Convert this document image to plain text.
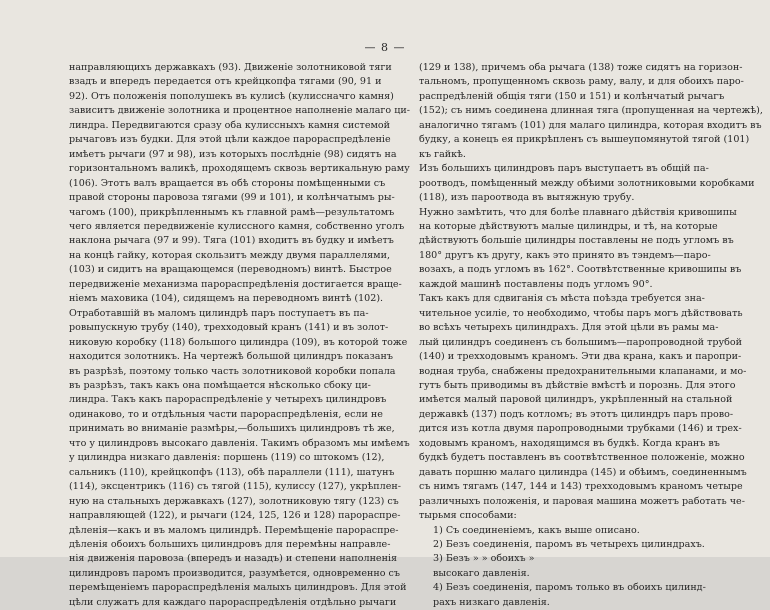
— 8 —
направляющихъ державкахъ (93). Движеніе золотниковой тяги
взадъ и впередъ передается отъ крейцкопфа тягами (90, 91 и
92). Отъ положенія пополушекъ въ кулисѣ (кулиссначго камня)
зависитъ движеніе золотника и процентное наполненіе малаго ци-
линдра. Передвигаются сразу оба кулиссныхъ камня системой
рычаговъ изъ будки. Для этой цѣли каждое парораспредѣленіе
имѣетъ рычаги (97 и 98), изъ которыхъ послѣдніе (98) сидятъ на
горизонтальномъ валикѣ, проходящемъ сквозь вертикальную раму
(106). Этотъ валъ вращается въ обѣ стороны помѣщенными съ
правой стороны паровоза тягами (99 и 101), и колѣнчатымъ ры-
чагомъ (100), прикрѣпленнымъ къ главной рамѣ—результатомъ
чего является передвиженіе кулиссного камня, собственно уголъ
наклона рычага (97 и 99). Тяга (101) входитъ въ будку и имѣетъ
на концѣ гайку, которая скользитъ между двумя параллелями,
(103) и сидитъ на вращающемся (переводномъ) винтѣ. Быстрое
передвиженіе механизма парораспредѣленія достигается враще-
ніемъ маховика (104), сидящемъ на переводномъ винтѣ (102).
Отработавшій въ маломъ цилиндрѣ паръ поступаетъ въ па-
ровыпускную трубу (140), трехходовый кранъ (141) и въ золот-
никовую коробку (118) большого цилиндра (109), въ которой тоже
находится золотникъ. На чертежѣ большой цилиндръ показанъ
въ разрѣзѣ, поэтому только часть золотниковой коробки попала
въ разрѣзъ, такъ какъ она помѣщается нѣсколько сбоку ци-
линдра. Такъ какъ парораспредѣленіе у четырехъ цилиндровъ
одинаково, то и отдѣльныя части парораспредѣленія, если не
принимать во вниманіе размѣры,—большихъ цилиндровъ тѣ же,
что у цилиндровъ высокаго давленія. Такимъ образомъ мы имѣемъ
у цилиндра низкаго давленія: поршень (119) со штокомъ (12),
сальникъ (110), крейцкопфъ (113), обѣ параллели (111), шатунъ
(114), эксцентрикъ (116) съ тягой (115), кулиссу (127), укрѣплен-
ную на стальныхъ державкахъ (127), золотниковую тягу (123) съ
направляющей (122), и рычаги (124, 125, 126 и 128) парораспре-
дѣленія—какъ и въ маломъ цилиндрѣ. Перемѣщеніе парораспре-
дѣленія обоихъ большихъ цилиндровъ для перемѣны направле-
нія движенія паровоза (впередъ и назадъ) и степени наполненія
цилиндровъ паромъ производится, разумѣется, одновременно съ
перемѣщеніемъ парораспредѣленія малыхъ цилиндровъ. Для этой
цѣли служатъ для каждаго парораспредѣленія отдѣльно рычаги
(129 и 138), причемъ оба рычага (138) тоже сидятъ на горизон-
тальномъ, пропущенномъ сквозь раму, валу, и для обоихъ паро-
распредѣленій общія тяги (150 и 151) и колѣнчатый рычагъ
(152); съ нимъ соединена длинная тяга (пропущенная на чертежѣ),
аналогично тягамъ (101) для малаго цилиндра, которая входитъ въ
будку, а конецъ ея прикрѣпленъ съ вышеупомянутой тягой (101)
къ гайкѣ.
Изъ большихъ цилиндровъ паръ выступаетъ въ общій па-
роотводъ, помѣщенный между обѣими золотниковыми коробками
(118), изъ пароотвода въ вытяжную трубу.
Нужно замѣтить, что для болѣе плавнаго дѣйствія кривошипы
на которые дѣйствуютъ малые цилиндры, и тѣ, на которые
дѣйствуютъ большіе цилиндры поставлены не подъ угломъ въ
180° другъ къ другу, какъ это принято въ тэндемъ—паро-
возахъ, а подъ угломъ въ 162°. Соотвѣтственные кривошипы въ
каждой машинѣ поставлены подъ угломъ 90°.
Такъ какъ для сдвиганія съ мѣста поѣзда требуется зна-
чительное усиліе, то необходимо, чтобы паръ могъ дѣйствовать
во всѣхъ четырехъ цилиндрахъ. Для этой цѣли въ рамы ма-
лый цилиндръ соединенъ съ большимъ—паропроводной трубой
(140) и трехходовымъ краномъ. Эти два крана, какъ и паропри-
водная труба, снабжены предохранительными клапанами, и мо-
гутъ быть приводимы въ дѣйствіе вмѣстѣ и порознь. Для этого
имѣется малый паровой цилиндръ, укрѣпленный на стальной
державкѣ (137) подъ котломъ; въ этотъ цилиндръ паръ прово-
дится изъ котла двумя паропроводными трубками (146) и трех-
ходовымъ краномъ, находящимся въ будкѣ. Когда кранъ въ
будкѣ будетъ поставленъ въ соотвѣтственное положеніе, можно
давать поршню малаго цилиндра (145) и обѣимъ, соединеннымъ
съ нимъ тягамъ (147, 144 и 143) трехходовымъ краномъ четыре
различныхъ положенія, и паровая машина можетъ работать че-
тырьмя способами:
1) Съ соединеніемъ, какъ выше описано.
2) Безъ соединенія, паромъ въ четырехъ цилиндрахъ.
3) Безъ » » обоихъ »
высокаго давленія.
4) Безъ соединенія, паромъ только въ обоихъ цилинд-
рахъ низкаго давленія.
